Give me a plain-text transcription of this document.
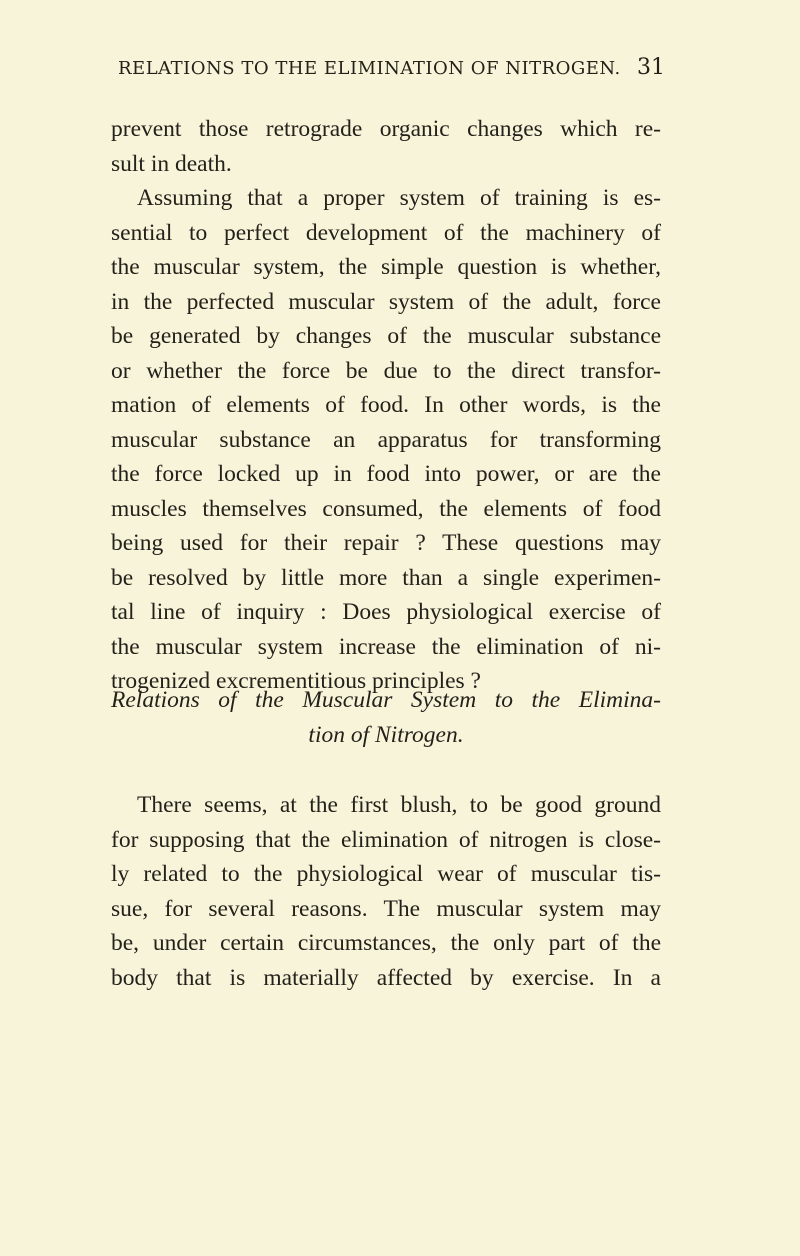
RELATIONS TO THE ELIMINATION OF NITROGEN. 31

prevent those retrograde organic changes which re-

sult in death.

Assuming that a proper system of training is es-
sential to perfect development of the machinery of
the muscular system, the simple question is whether,
in the perfected muscular system of the adult, force
be generated by changes of the muscular substance
or whether the force be due to the direct transfor-
mation of elements of food. In other words, is the
muscular substance an apparatus for transforming
the force locked up in food into power, or are the
muscles themselves consumed, the elements of food
being used for their repair ? These questions may
be resolved by little more than a single experimen-
tal line of inquiry : Does physiological exercise of
the muscular system increase the elimination of ni-

trogenized excrementitious principles ?

Relations of the Muscular System to the Elimina-
tion of Nitrogen.

There seems, at the first blush, to be good ground
for supposing that the elimination of nitrogen is close-
ly related to the physiological wear of muscular tis-
sue, for several reasons. The muscular system may
be, under certain circumstances, the only part of the
body that is materially affected by exercise. In a
